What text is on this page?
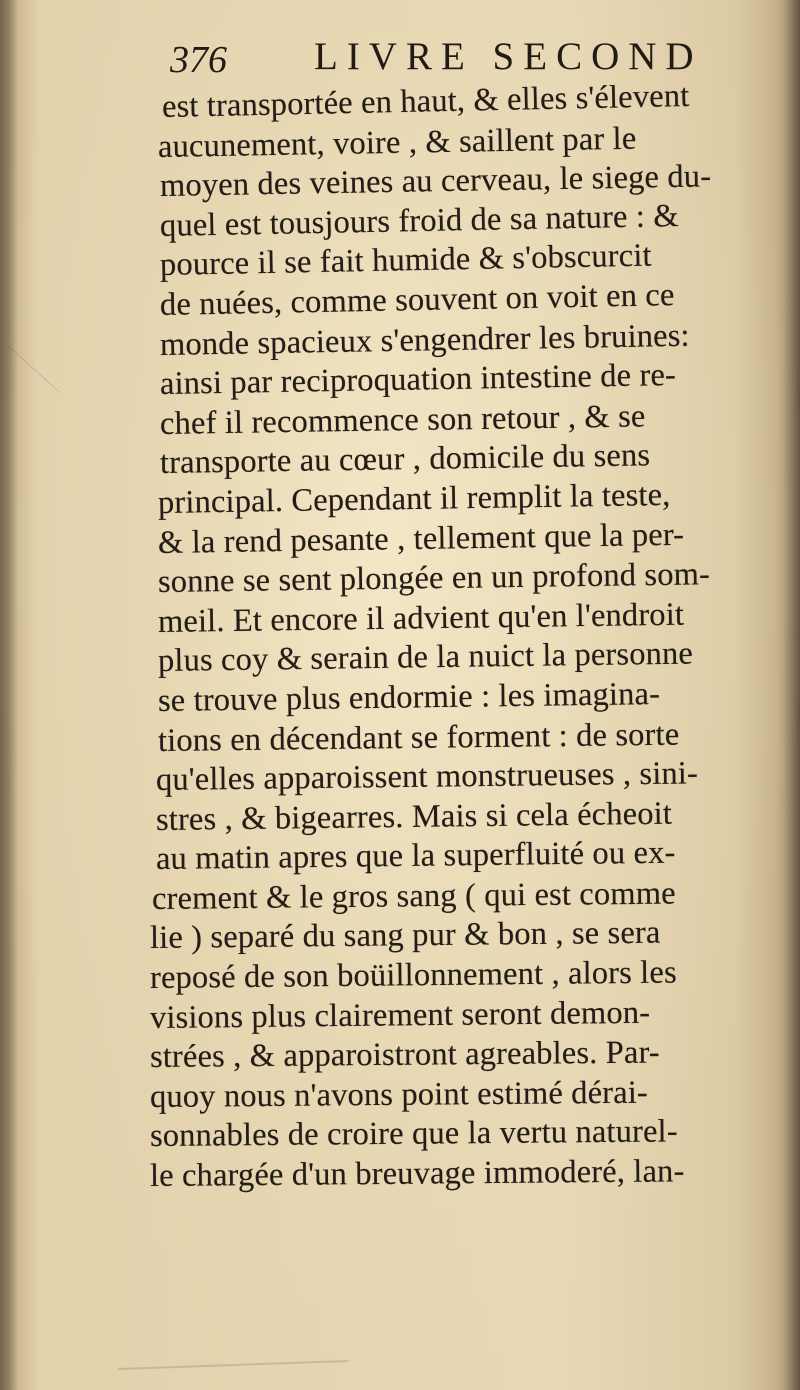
376 LIVRE SECOND
est transportée en haut, & elles s'élevent
aucunement, voire , & saillent par le
moyen des veines au cerveau, le siege du-
quel est tousjours froid de sa nature : &
pource il se fait humide & s'obscurcit
de nuées, comme souvent on voit en ce
monde spacieux s'engendrer les bruines:
ainsi par reciproquation intestine de re-
chef il recommence son retour , & se
transporte au cœur , domicile du sens
principal. Cependant il remplit la teste,
& la rend pesante , tellement que la per-
sonne se sent plongée en un profond som-
meil. Et encore il advient qu'en l'endroit
plus coy & serain de la nuict la personne
se trouve plus endormie : les imagina-
tions en décendant se forment : de sorte
qu'elles apparoissent monstrueuses , sini-
stres , & bigearres. Mais si cela écheoit
au matin apres que la superfluité ou ex-
crement & le gros sang ( qui est comme
lie ) separé du sang pur & bon , se sera
reposé de son boüillonnement , alors les
visions plus clairement seront demon-
strées , & apparoistront agreables. Par-
quoy nous n'avons point estimé dérai-
sonnables de croire que la vertu naturel-
le chargée d'un breuvage immoderé, lan-
